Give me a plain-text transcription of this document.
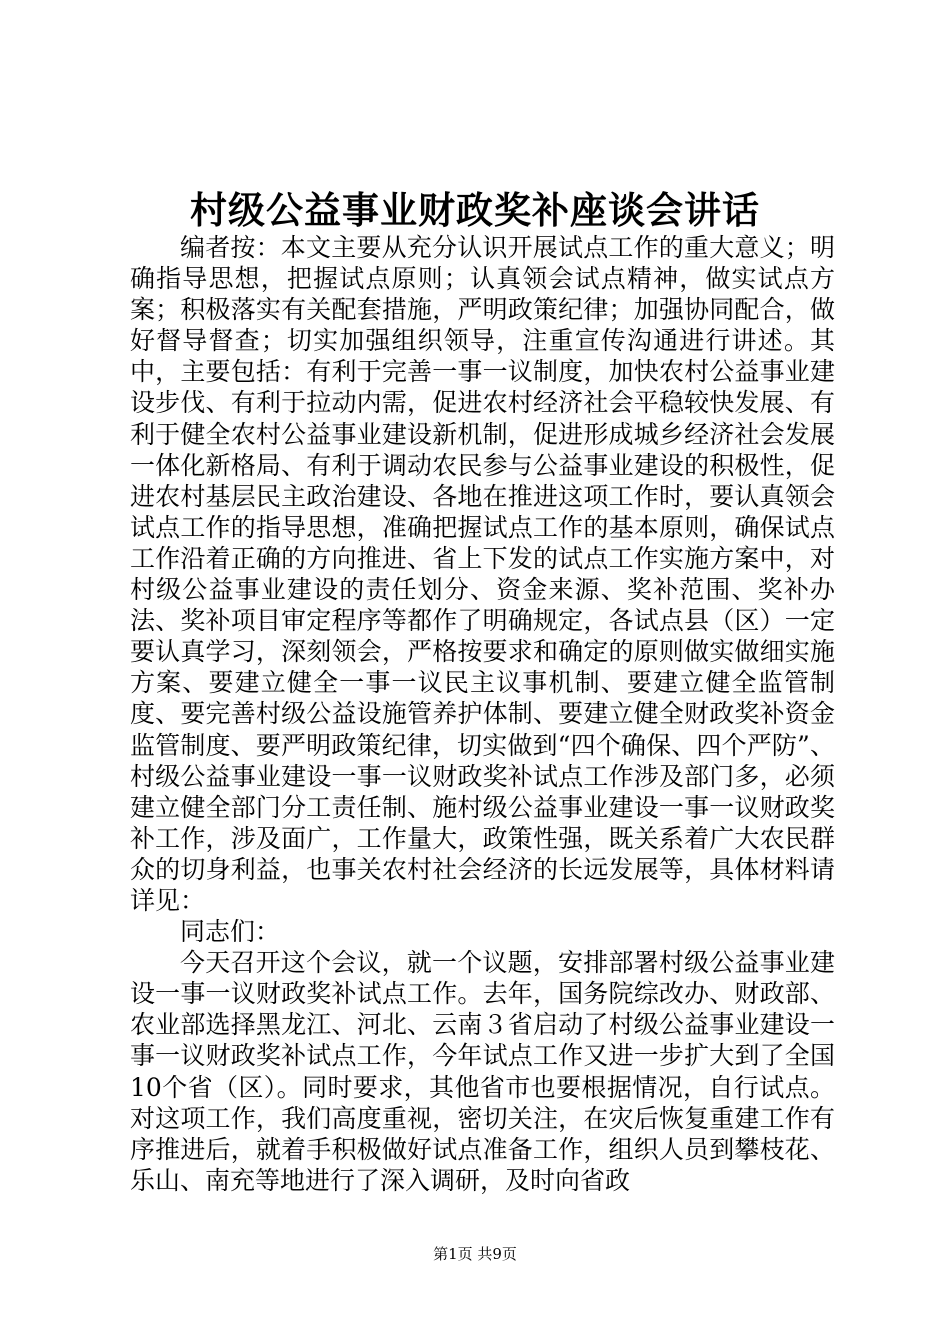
村级公益事业财政奖补座谈会讲话

编者按：本文主要从充分认识开展试点工作的重大意义；明确指导思想，把握试点原则；认真领会试点精神，做实试点方案；积极落实有关配套措施，严明政策纪律；加强协同配合，做好督导督查；切实加强组织领导，注重宣传沟通进行讲述。其中，主要包括：有利于完善一事一议制度，加快农村公益事业建设步伐、有利于拉动内需，促进农村经济社会平稳较快发展、有利于健全农村公益事业建设新机制，促进形成城乡经济社会发展一体化新格局、有利于调动农民参与公益事业建设的积极性，促进农村基层民主政治建设、各地在推进这项工作时，要认真领会试点工作的指导思想，准确把握试点工作的基本原则，确保试点工作沿着正确的方向推进、省上下发的试点工作实施方案中，对村级公益事业建设的责任划分、资金来源、奖补范围、奖补办法、奖补项目审定程序等都作了明确规定，各试点县（区）一定要认真学习，深刻领会，严格按要求和确定的原则做实做细实施方案、要建立健全一事一议民主议事机制、要建立健全监管制度、要完善村级公益设施管养护体制、要建立健全财政奖补资金监管制度、要严明政策纪律，切实做到“四个确保、四个严防”、村级公益事业建设一事一议财政奖补试点工作涉及部门多，必须建立健全部门分工责任制、施村级公益事业建设一事一议财政奖补工作，涉及面广，工作量大，政策性强，既关系着广大农民群众的切身利益，也事关农村社会经济的长远发展等，具体材料请详见：

同志们：

今天召开这个会议，就一个议题，安排部署村级公益事业建设一事一议财政奖补试点工作。去年，国务院综改办、财政部、农业部选择黑龙江、河北、云南３省启动了村级公益事业建设一事一议财政奖补试点工作，今年试点工作又进一步扩大到了全国10个省（区）。同时要求，其他省市也要根据情况，自行试点。对这项工作，我们高度重视，密切关注，在灾后恢复重建工作有序推进后，就着手积极做好试点准备工作，组织人员到攀枝花、乐山、南充等地进行了深入调研，及时向省政

第1页 共9页
